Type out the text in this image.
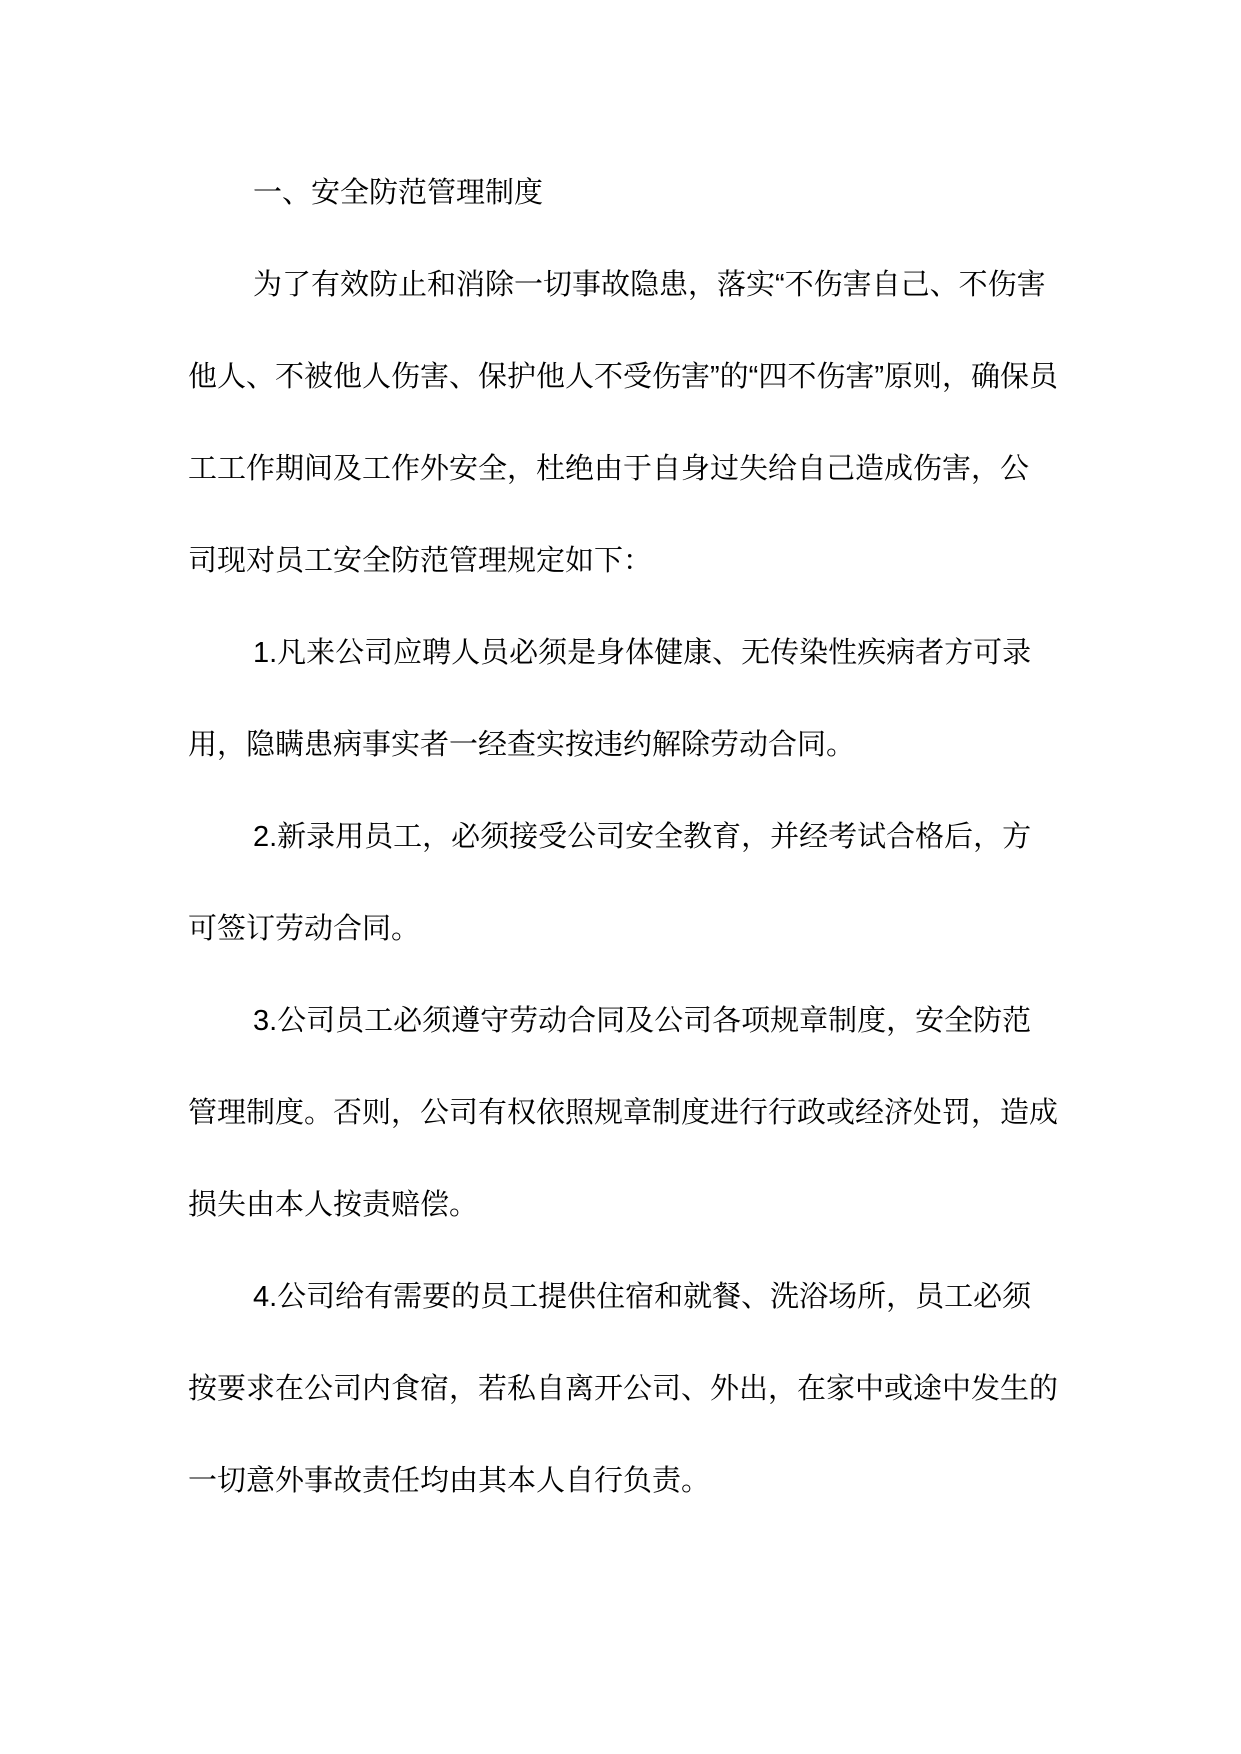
一、安全防范管理制度
为了有效防止和消除一切事故隐患，落实“不伤害自己、不伤害
他人、不被他人伤害、保护他人不受伤害”的“四不伤害”原则，确保员
工工作期间及工作外安全，杜绝由于自身过失给自己造成伤害，公
司现对员工安全防范管理规定如下：
1.凡来公司应聘人员必须是身体健康、无传染性疾病者方可录
用，隐瞒患病事实者一经查实按违约解除劳动合同。
2.新录用员工，必须接受公司安全教育，并经考试合格后，方
可签订劳动合同。
3.公司员工必须遵守劳动合同及公司各项规章制度，安全防范
管理制度。否则，公司有权依照规章制度进行行政或经济处罚，造成
损失由本人按责赔偿。
4.公司给有需要的员工提供住宿和就餐、洗浴场所，员工必须
按要求在公司内食宿，若私自离开公司、外出，在家中或途中发生的
一切意外事故责任均由其本人自行负责。
